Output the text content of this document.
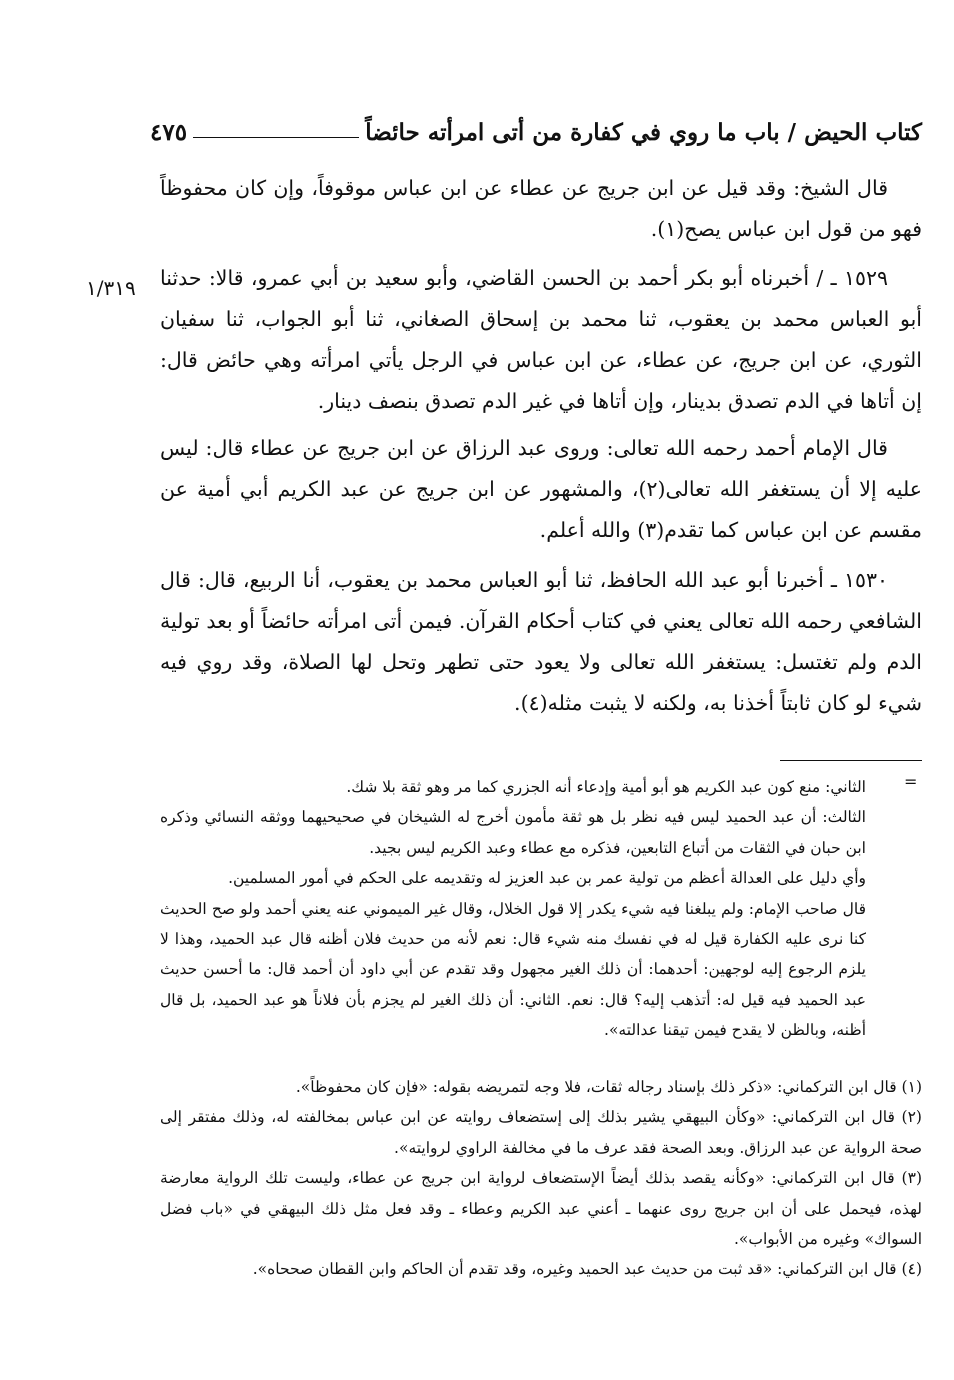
كتاب الحيض / باب ما روي في كفارة من أتى امرأته حائضاً
٤٧٥
١/٣١٩

قال الشيخ: وقد قيل عن ابن جريج عن عطاء عن ابن عباس موقوفاً، وإن كان محفوظاً فهو من قول ابن عباس يصح(١).

١٥٢٩ ـ / أخبرناه أبو بكر أحمد بن الحسن القاضي، وأبو سعيد بن أبي عمرو، قالا: حدثنا أبو العباس محمد بن يعقوب، ثنا محمد بن إسحاق الصغاني، ثنا أبو الجواب، ثنا سفيان الثوري، عن ابن جريج، عن عطاء، عن ابن عباس في الرجل يأتي امرأته وهي حائض قال: إن أتاها في الدم تصدق بدينار، وإن أتاها في غير الدم تصدق بنصف دينار.

قال الإمام أحمد رحمه الله تعالى: وروى عبد الرزاق عن ابن جريج عن عطاء قال: ليس عليه إلا أن يستغفر الله تعالى(٢)، والمشهور عن ابن جريج عن عبد الكريم أبي أمية عن مقسم عن ابن عباس كما تقدم(٣) والله أعلم.

١٥٣٠ ـ أخبرنا أبو عبد الله الحافظ، ثنا أبو العباس محمد بن يعقوب، أنا الربيع، قال: قال الشافعي رحمه الله تعالى يعني في كتاب أحكام القرآن. فيمن أتى امرأته حائضاً أو بعد تولية الدم ولم تغتسل: يستغفر الله تعالى ولا يعود حتى تطهر وتحل لها الصلاة، وقد روي فيه شيء لو كان ثابتاً أخذنا به، ولكنه لا يثبت مثله(٤).

=

الثاني: منع كون عبد الكريم هو أبو أمية وإدعاء أنه الجزري كما مر وهو ثقة بلا شك.

الثالث: أن عبد الحميد ليس فيه نظر بل هو ثقة مأمون أخرج له الشيخان في صحيحيهما ووثقه النسائي وذكره ابن حبان في الثقات من أتباع التابعين، فذكره مع عطاء وعبد الكريم ليس بجيد.

وأي دليل على العدالة أعظم من تولية عمر بن عبد العزيز له وتقديمه على الحكم في أمور المسلمين.

قال صاحب الإمام: ولم يبلغنا فيه شيء يكدر إلا قول الخلال، وقال غير الميموني عنه يعني أحمد ولو صح الحديث كنا نرى عليه الكفارة قيل له في نفسك منه شيء قال: نعم لأنه من حديث فلان أظنه قال عبد الحميد، وهذا لا يلزم الرجوع إليه لوجهين: أحدهما: أن ذلك الغير مجهول وقد تقدم عن أبي داود أن أحمد قال: ما أحسن حديث عبد الحميد فيه قيل له: أتذهب إليه؟ قال: نعم. الثاني: أن ذلك الغير لم يجزم بأن فلاناً هو عبد الحميد، بل قال أظنه، وبالظن لا يقدح فيمن تيقنا عدالته».

(١) قال ابن التركماني: «ذكر ذلك بإسناد رجاله ثقات، فلا وجه لتمريضه بقوله: «فإن كان محفوظاً».

(٢) قال ابن التركماني: «وكأن البيهقي يشير بذلك إلى إستضعاف روايته عن ابن عباس بمخالفته له، وذلك مفتقر إلى صحة الرواية عن عبد الرزاق. وبعد الصحة فقد عرف ما في مخالفة الراوي لروايته».

(٣) قال ابن التركماني: «وكأنه يقصد بذلك أيضاً الإستضعاف لرواية ابن جريج عن عطاء، وليست تلك الرواية معارضة لهذه، فيحمل على أن ابن جريج روى عنهما ـ أعني عبد الكريم وعطاء ـ وقد فعل مثل ذلك البيهقي في «باب فضل السواك» وغيره من الأبواب».

(٤) قال ابن التركماني: «قد ثبت من حديث عبد الحميد وغيره، وقد تقدم أن الحاكم وابن القطان صححاه».
